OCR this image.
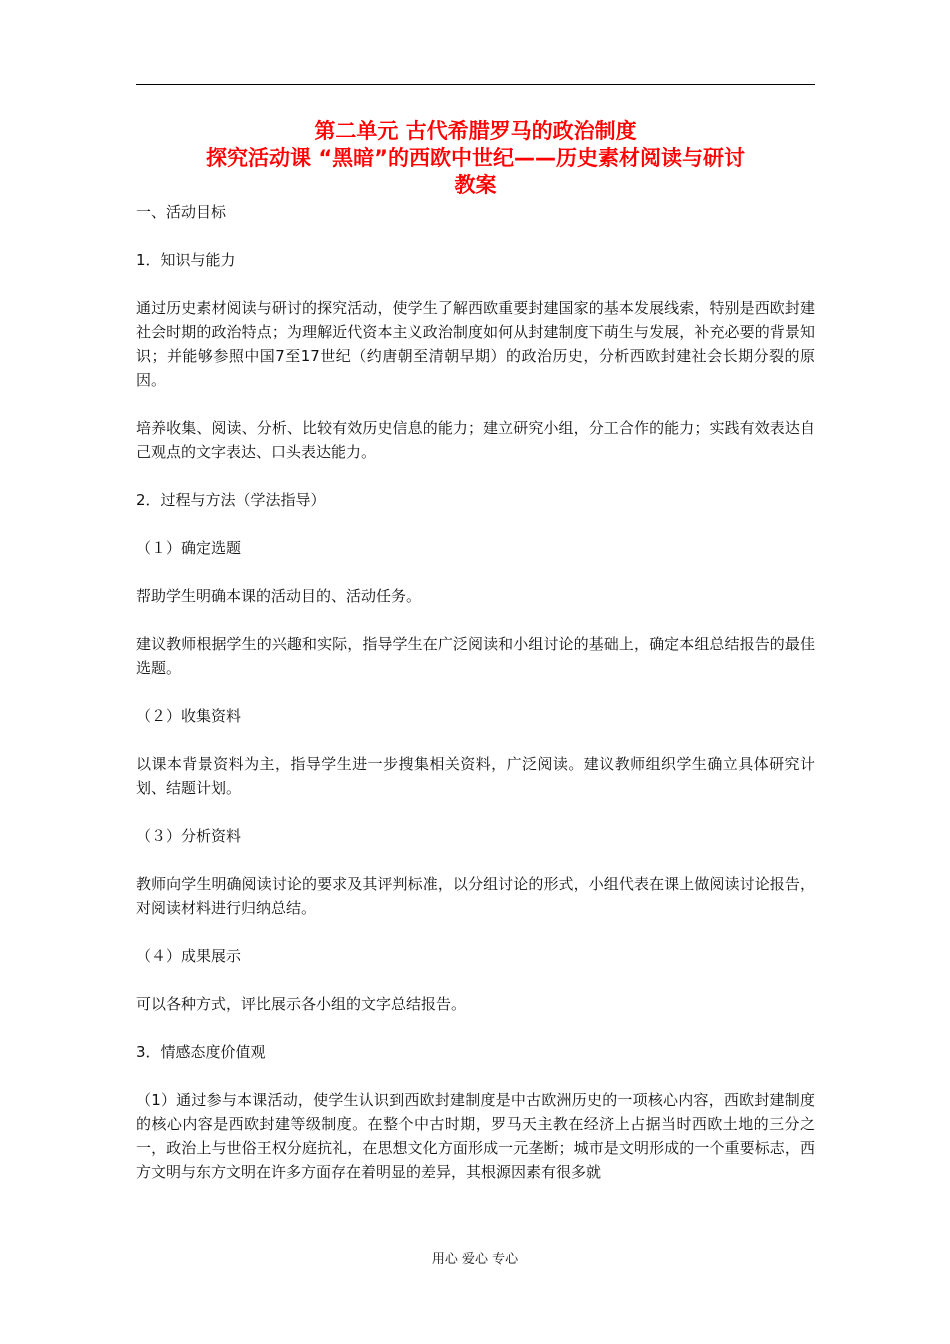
第二单元 古代希腊罗马的政治制度
探究活动课 “黑暗”的西欧中世纪——历史素材阅读与研讨
教案

一、活动目标

1．知识与能力

通过历史素材阅读与研讨的探究活动，使学生了解西欧重要封建国家的基本发展线索，特别是西欧封建社会时期的政治特点；为理解近代资本主义政治制度如何从封建制度下萌生与发展，补充必要的背景知识；并能够参照中国7至17世纪（约唐朝至清朝早期）的政治历史，分析西欧封建社会长期分裂的原因。

培养收集、阅读、分析、比较有效历史信息的能力；建立研究小组，分工合作的能力；实践有效表达自己观点的文字表达、口头表达能力。

2．过程与方法（学法指导）

（１）确定选题

帮助学生明确本课的活动目的、活动任务。

建议教师根据学生的兴趣和实际，指导学生在广泛阅读和小组讨论的基础上，确定本组总结报告的最佳选题。

（２）收集资料

以课本背景资料为主，指导学生进一步搜集相关资料，广泛阅读。建议教师组织学生确立具体研究计划、结题计划。

（３）分析资料

教师向学生明确阅读讨论的要求及其评判标准，以分组讨论的形式，小组代表在课上做阅读讨论报告，对阅读材料进行归纳总结。

（４）成果展示

可以各种方式，评比展示各小组的文字总结报告。

3．情感态度价值观

（1）通过参与本课活动，使学生认识到西欧封建制度是中古欧洲历史的一项核心内容，西欧封建制度的核心内容是西欧封建等级制度。在整个中古时期，罗马天主教在经济上占据当时西欧土地的三分之一，政治上与世俗王权分庭抗礼，在思想文化方面形成一元垄断；城市是文明形成的一个重要标志，西方文明与东方文明在许多方面存在着明显的差异，其根源因素有很多就

用心 爱心 专心
